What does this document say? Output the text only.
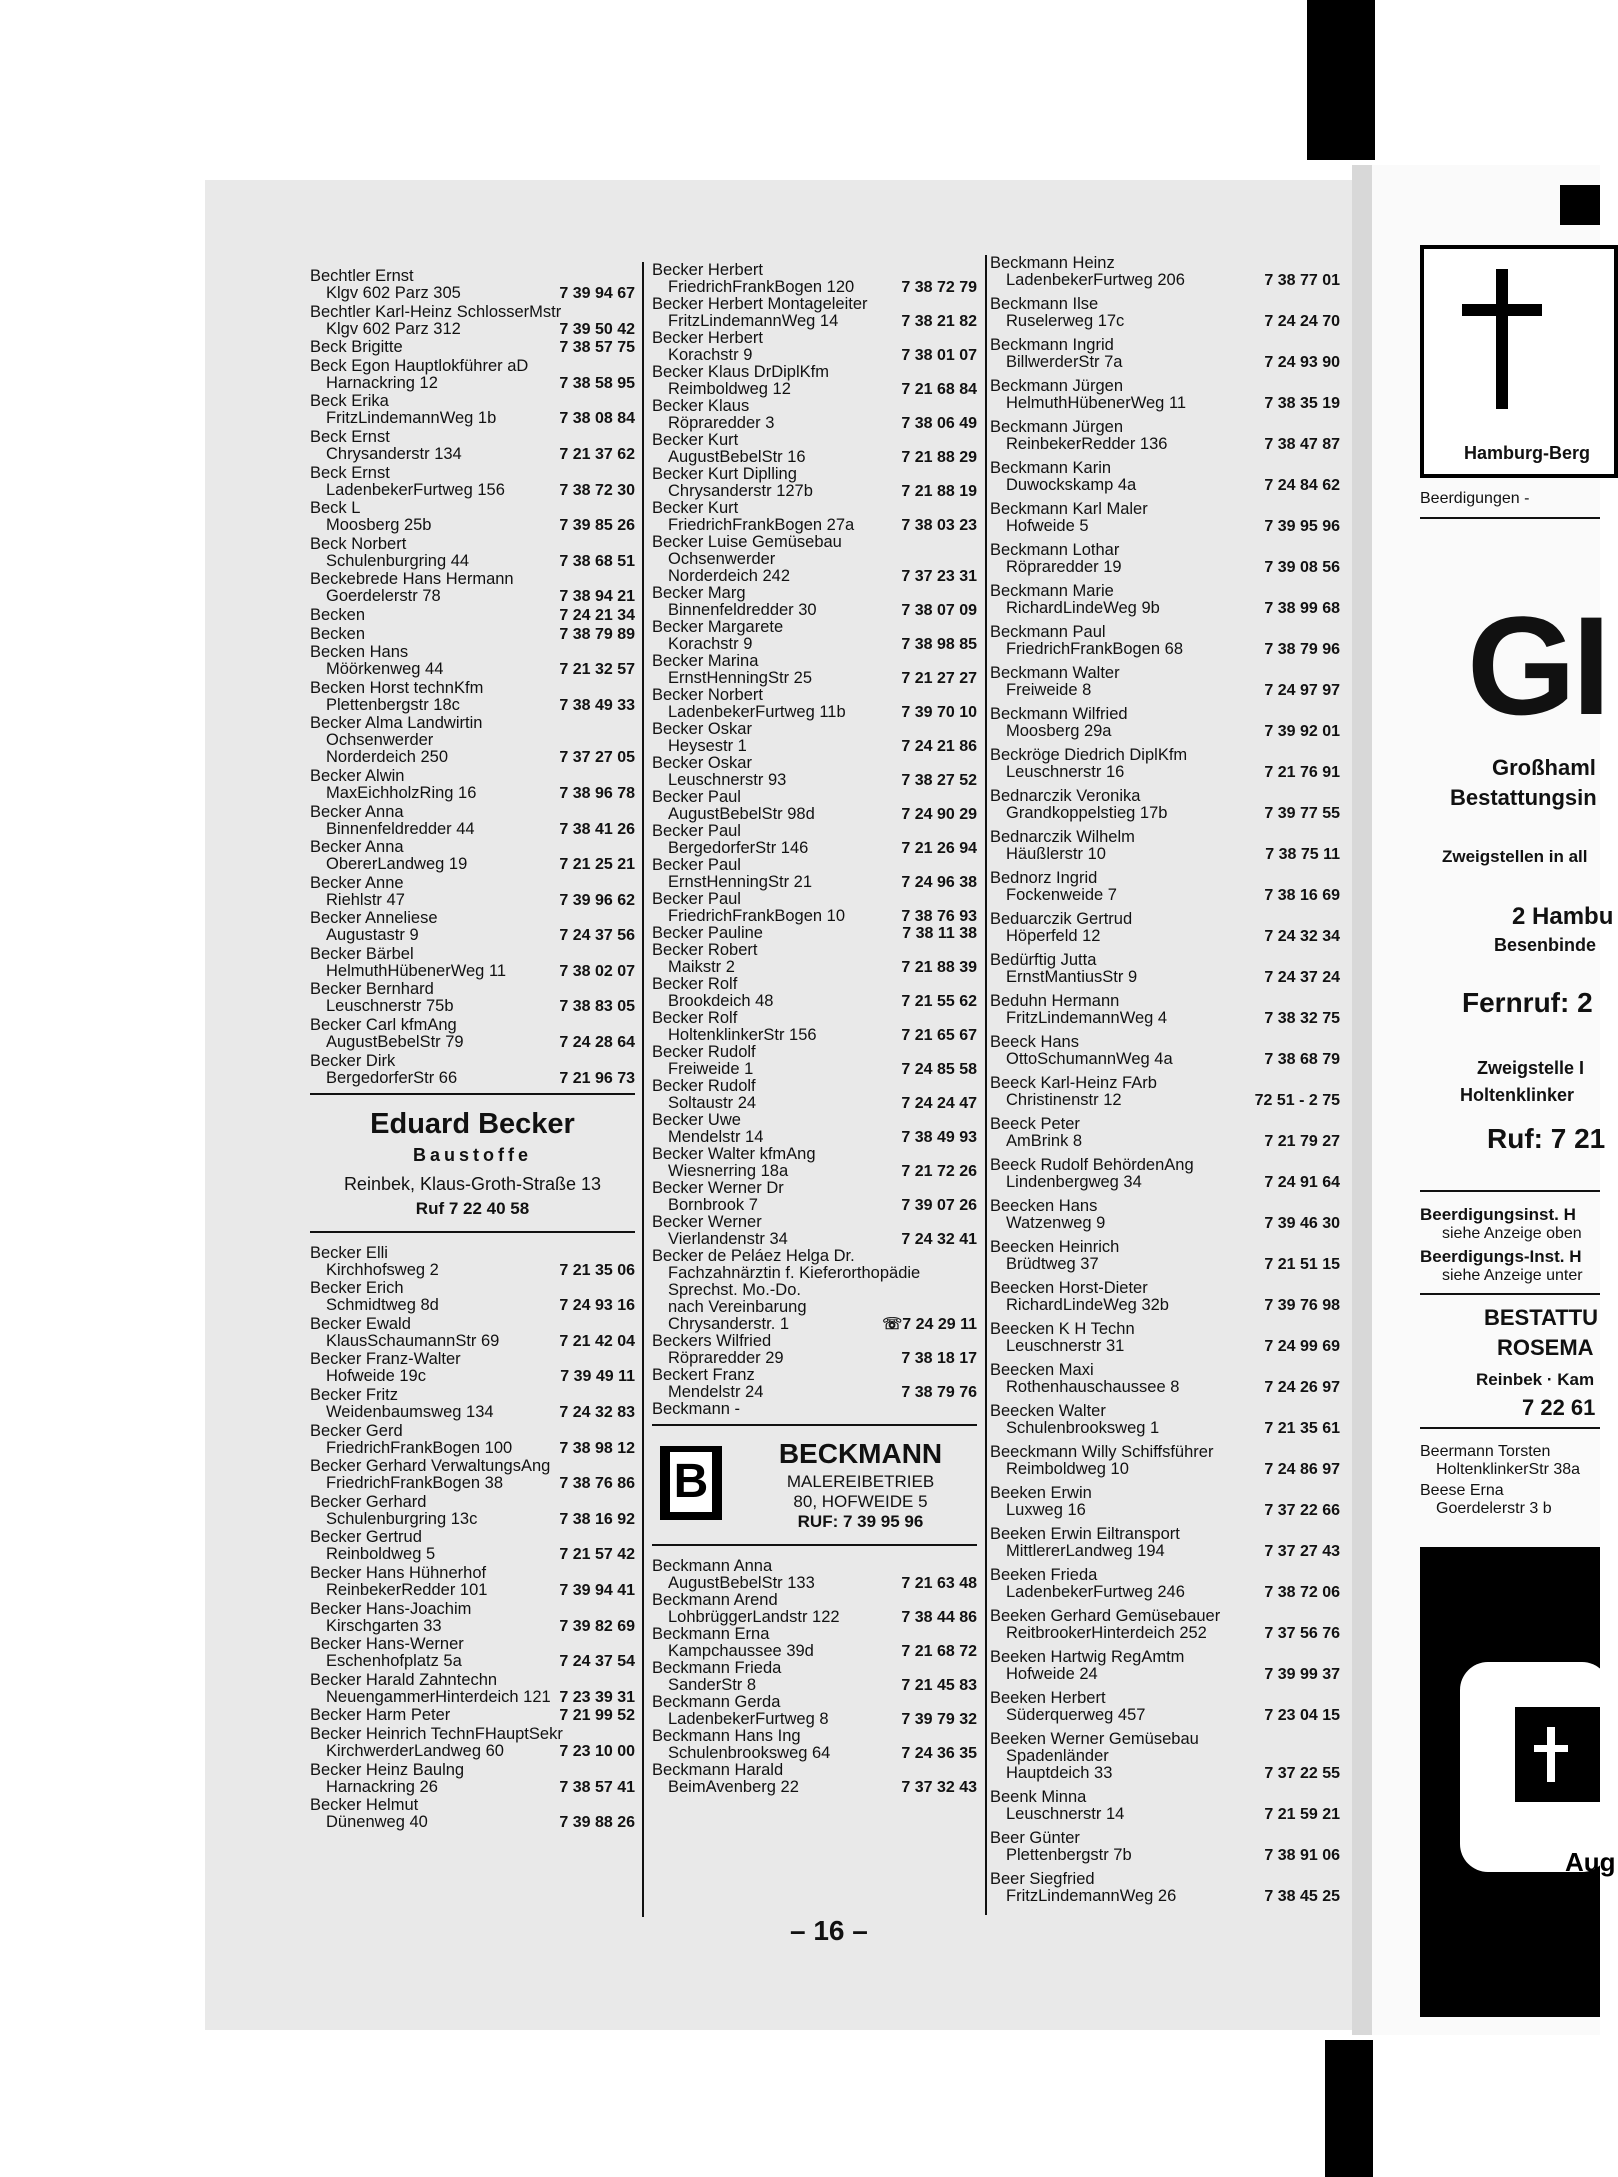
Hamburg-Berg
Beerdigungen -
GI
Großhaml
Bestattungsin
Zweigstellen in all
2 Hambu
Besenbinde
Fernruf: 2
Zweigstelle I
Holtenklinker
Ruf: 7 21
Beerdigungsinst. H
siehe Anzeige oben
Beerdigungs-Inst. H
siehe Anzeige unter
BESTATTU
ROSEMA
Reinbek · Kam
7 22 61
Beermann Torsten
HoltenklinkerStr 38a
Beese Erna
Goerdelerstr 3 b
Aug
Bechtler Ernst
Klgv 602 Parz 305	7 39 94 67
Bechtler Karl-Heinz SchlosserMstr
Klgv 602 Parz 312	7 39 50 42
Beck Brigitte	7 38 57 75
Beck Egon Hauptlokführer aD
Harnackring 12	7 38 58 95
Beck Erika
FritzLindemannWeg 1b	7 38 08 84
Beck Ernst
Chrysanderstr 134	7 21 37 62
Beck Ernst
LadenbekerFurtweg 156	7 38 72 30
Beck L
Moosberg 25b	7 39 85 26
Beck Norbert
Schulenburgring 44	7 38 68 51
Beckebrede Hans Hermann
Goerdelerstr 78	7 38 94 21
Becken	7 24 21 34
Becken	7 38 79 89
Becken Hans
Möörkenweg 44	7 21 32 57
Becken Horst technKfm
Plettenbergstr 18c	7 38 49 33
Becker Alma Landwirtin
Ochsenwerder
Norderdeich 250	7 37 27 05
Becker Alwin
MaxEichholzRing 16	7 38 96 78
Becker Anna
Binnenfeldredder 44	7 38 41 26
Becker Anna
ObererLandweg 19	7 21 25 21
Becker Anne
Riehlstr 47	7 39 96 62
Becker Anneliese
Augustastr 9	7 24 37 56
Becker Bärbel
HelmuthHübenerWeg 11	7 38 02 07
Becker Bernhard
Leuschnerstr 75b	7 38 83 05
Becker Carl kfmAng
AugustBebelStr 79	7 24 28 64
Becker Dirk
BergedorferStr 66	7 21 96 73
Eduard Becker
Baustoffe
Reinbek, Klaus-Groth-Straße 13
Ruf 7 22 40 58
Becker Elli
Kirchhofsweg 2	7 21 35 06
Becker Erich
Schmidtweg 8d	7 24 93 16
Becker Ewald
KlausSchaumannStr 69	7 21 42 04
Becker Franz-Walter
Hofweide 19c	7 39 49 11
Becker Fritz
Weidenbaumsweg 134	7 24 32 83
Becker Gerd
FriedrichFrankBogen 100	7 38 98 12
Becker Gerhard VerwaltungsAng
FriedrichFrankBogen 38	7 38 76 86
Becker Gerhard
Schulenburgring 13c	7 38 16 92
Becker Gertrud
Reinboldweg 5	7 21 57 42
Becker Hans Hühnerhof
ReinbekerRedder 101	7 39 94 41
Becker Hans-Joachim
Kirschgarten 33	7 39 82 69
Becker Hans-Werner
Eschenhofplatz 5a	7 24 37 54
Becker Harald Zahntechn
NeuengammerHinterdeich 121 7 23 39 31
Becker Harm Peter	7 21 99 52
Becker Heinrich TechnFHauptSekr
KirchwerderLandweg 60	7 23 10 00
Becker Heinz Baulng
Harnackring 26	7 38 57 41
Becker Helmut
Dünenweg 40	7 39 88 26
Becker Herbert
FriedrichFrankBogen 120	7 38 72 79
Becker Herbert Montageleiter
FritzLindemannWeg 14	7 38 21 82
Becker Herbert
Korachstr 9	7 38 01 07
Becker Klaus DrDiplKfm
Reimboldweg 12	7 21 68 84
Becker Klaus
Röpraredder 3	7 38 06 49
Becker Kurt
AugustBebelStr 16	7 21 88 29
Becker Kurt Diplling
Chrysanderstr 127b	7 21 88 19
Becker Kurt
FriedrichFrankBogen 27a	7 38 03 23
Becker Luise Gemüsebau
Ochsenwerder
Norderdeich 242	7 37 23 31
Becker Marg
Binnenfeldredder 30	7 38 07 09
Becker Margarete
Korachstr 9	7 38 98 85
Becker Marina
ErnstHenningStr 25	7 21 27 27
Becker Norbert
LadenbekerFurtweg 11b	7 39 70 10
Becker Oskar
Heysestr 1	7 24 21 86
Becker Oskar
Leuschnerstr 93	7 38 27 52
Becker Paul
AugustBebelStr 98d	7 24 90 29
Becker Paul
BergedorferStr 146	7 21 26 94
Becker Paul
ErnstHenningStr 21	7 24 96 38
Becker Paul
FriedrichFrankBogen 10	7 38 76 93
Becker Pauline	7 38 11 38
Becker Robert
Maikstr 2	7 21 88 39
Becker Rolf
Brookdeich 48	7 21 55 62
Becker Rolf
HoltenklinkerStr 156	7 21 65 67
Becker Rudolf
Freiweide 1	7 24 85 58
Becker Rudolf
Soltaustr 24	7 24 24 47
Becker Uwe
Mendelstr 14	7 38 49 93
Becker Walter kfmAng
Wiesnerring 18a	7 21 72 26
Becker Werner Dr
Bornbrook 7	7 39 07 26
Becker Werner
Vierlandenstr 34	7 24 32 41
Becker de Peláez Helga Dr.
Fachzahnärztin f. Kieferorthopädie
Sprechst. Mo.-Do.
nach Vereinbarung
Chrysanderstr. 1	☏7 24 29 11
Beckers Wilfried
Röpraredder 29	7 38 18 17
Beckert Franz
Mendelstr 24	7 38 79 76
Beckmann -
B
BECKMANN
MALEREIBETRIEB
80, HOFWEIDE 5
RUF: 7 39 95 96
Beckmann Anna
AugustBebelStr 133	7 21 63 48
Beckmann Arend
LohbrüggerLandstr 122	7 38 44 86
Beckmann Erna
Kampchaussee 39d	7 21 68 72
Beckmann Frieda
SanderStr 8	7 21 45 83
Beckmann Gerda
LadenbekerFurtweg 8	7 39 79 32
Beckmann Hans Ing
Schulenbrooksweg 64	7 24 36 35
Beckmann Harald
BeimAvenberg 22	7 37 32 43
Beckmann Heinz
LadenbekerFurtweg 206	7 38 77 01
Beckmann Ilse
Ruselerweg 17c	7 24 24 70
Beckmann Ingrid
BillwerderStr 7a	7 24 93 90
Beckmann Jürgen
HelmuthHübenerWeg 11	7 38 35 19
Beckmann Jürgen
ReinbekerRedder 136	7 38 47 87
Beckmann Karin
Duwockskamp 4a	7 24 84 62
Beckmann Karl Maler
Hofweide 5	7 39 95 96
Beckmann Lothar
Röpraredder 19	7 39 08 56
Beckmann Marie
RichardLindeWeg 9b	7 38 99 68
Beckmann Paul
FriedrichFrankBogen 68	7 38 79 96
Beckmann Walter
Freiweide 8	7 24 97 97
Beckmann Wilfried
Moosberg 29a	7 39 92 01
Beckröge Diedrich DiplKfm
Leuschnerstr 16	7 21 76 91
Bednarczik Veronika
Grandkoppelstieg 17b	7 39 77 55
Bednarczik Wilhelm
Häußlerstr 10	7 38 75 11
Bednorz Ingrid
Fockenweide 7	7 38 16 69
Beduarczik Gertrud
Höperfeld 12	7 24 32 34
Bedürftig Jutta
ErnstMantiusStr 9	7 24 37 24
Beduhn Hermann
FritzLindemannWeg 4	7 38 32 75
Beeck Hans
OttoSchumannWeg 4a	7 38 68 79
Beeck Karl-Heinz FArb
Christinenstr 12	72 51 - 2 75
Beeck Peter
AmBrink 8	7 21 79 27
Beeck Rudolf BehördenAng
Lindenbergweg 34	7 24 91 64
Beecken Hans
Watzenweg 9	7 39 46 30
Beecken Heinrich
Brüdtweg 37	7 21 51 15
Beecken Horst-Dieter
RichardLindeWeg 32b	7 39 76 98
Beecken K H Techn
Leuschnerstr 31	7 24 99 69
Beecken Maxi
Rothenhauschaussee 8	7 24 26 97
Beecken Walter
Schulenbrooksweg 1	7 21 35 61
Beeckmann Willy Schiffsführer
Reimboldweg 10	7 24 86 97
Beeken Erwin
Luxweg 16	7 37 22 66
Beeken Erwin Eiltransport
MittlererLandweg 194	7 37 27 43
Beeken Frieda
LadenbekerFurtweg 246	7 38 72 06
Beeken Gerhard Gemüsebauer
ReitbrookerHinterdeich 252	7 37 56 76
Beeken Hartwig RegAmtm
Hofweide 24	7 39 99 37
Beeken Herbert
Süderquerweg 457	7 23 04 15
Beeken Werner Gemüsebau
Spadenländer
Hauptdeich 33	7 37 22 55
Beenk Minna
Leuschnerstr 14	7 21 59 21
Beer Günter
Plettenbergstr 7b	7 38 91 06
Beer Siegfried
FritzLindemannWeg 26	7 38 45 25
– 16 –
